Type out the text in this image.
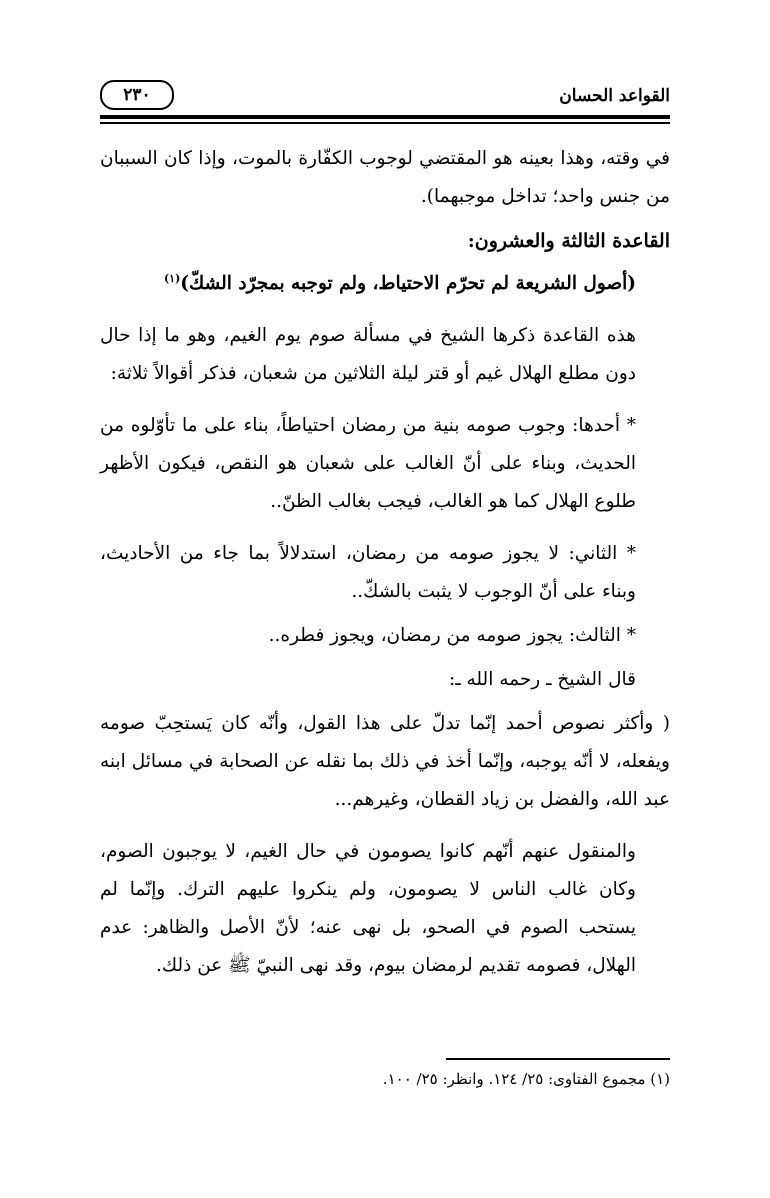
القواعد الحسان
٢٣٠

في وقته، وهذا بعينه هو المقتضي لوجوب الكفّارة بالموت، وإذا كان السببان من جنس واحد؛ تداخل موجبهما).

القاعدة الثالثة والعشرون:

(أصول الشريعة لم تحرّم الاحتياط، ولم توجبه بمجرّد الشكّ)$^{(١)}$

هذه القاعدة ذكرها الشيخ في مسألة صوم يوم الغيم، وهو ما إذا حال دون مطلع الهلال غيم أو قتر ليلة الثلاثين من شعبان، فذكر أقوالاً ثلاثة:

* أحدها: وجوب صومه بنية من رمضان احتياطاً، بناء على ما تأوّلوه من الحديث، وبناء على أنّ الغالب على شعبان هو النقص، فيكون الأظهر طلوع الهلال كما هو الغالب، فيجب بغالب الظنّ..

* الثاني: لا يجوز صومه من رمضان، استدلالاً بما جاء من الأحاديث، وبناء على أنّ الوجوب لا يثبت بالشكّ..

* الثالث: يجوز صومه من رمضان، ويجوز فطره..

قال الشيخ ـ رحمه الله ـ:

( وأكثر نصوص أحمد إنّما تدلّ على هذا القول، وأنّه كان يَستحِبّ صومه ويفعله، لا أنّه يوجبه، وإنّما أخذ في ذلك بما نقله عن الصحابة في مسائل ابنه عبد الله، والفضل بن زياد القطان، وغيرهم...

والمنقول عنهم أنّهم كانوا يصومون في حال الغيم، لا يوجبون الصوم، وكان غالب الناس لا يصومون، ولم ينكروا عليهم الترك. وإنّما لم يستحب الصوم في الصحو، بل نهى عنه؛ لأنّ الأصل والظاهر: عدم الهلال، فصومه تقديم لرمضان بيوم، وقد نهى النبيّ ﷺ عن ذلك.

(١) مجموع الفتاوى: ٢٥/ ١٢٤. وانظر: ٢٥/ ١٠٠.
